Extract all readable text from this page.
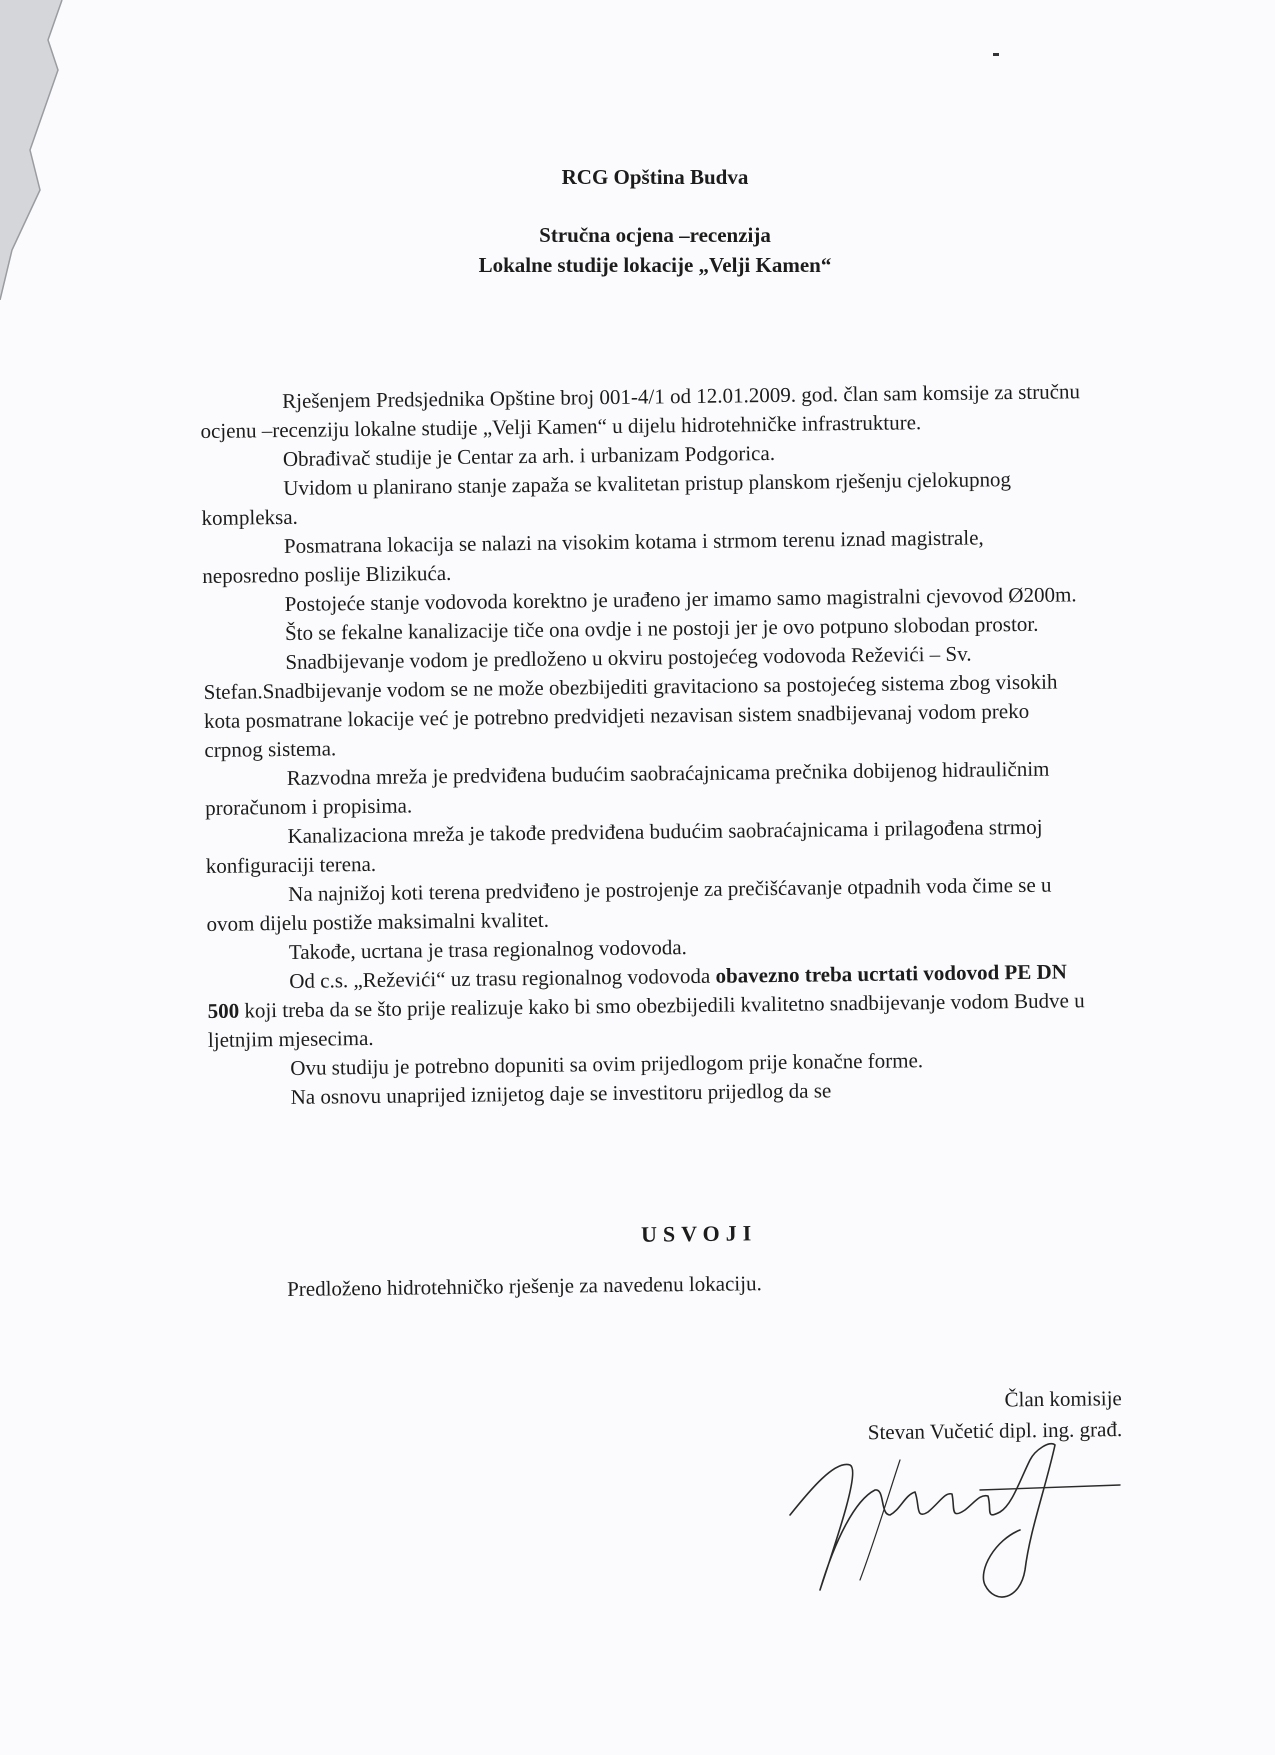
RCG Opština Budva
Stručna ocjena –recenzija
Lokalne studije lokacije „Velji Kamen“

Rješenjem Predsjednika Opštine broj 001-4/1 od 12.01.2009. god. član sam komsije za stručnu ocjenu –recenziju lokalne studije „Velji Kamen“ u dijelu hidrotehničke infrastrukture.

Obrađivač studije je Centar za arh. i urbanizam Podgorica.

Uvidom u planirano stanje zapaža se kvalitetan pristup planskom rješenju cjelokupnog kompleksa.

Posmatrana lokacija se nalazi na visokim kotama i strmom terenu iznad magistrale, neposredno poslije Blizikuća.

Postojeće stanje vodovoda korektno je urađeno jer imamo samo magistralni cjevovod Ø200m.

Što se fekalne kanalizacije tiče ona ovdje i ne postoji jer je ovo potpuno slobodan prostor.

Snadbijevanje vodom je predloženo u okviru postojećeg vodovoda Reževići – Sv. Stefan.Snadbijevanje vodom se ne može obezbijediti gravitaciono sa postojećeg sistema zbog visokih kota posmatrane lokacije već je potrebno predvidjeti nezavisan sistem snadbijevanaj vodom preko crpnog sistema.

Razvodna mreža je predviđena budućim saobraćajnicama prečnika dobijenog hidrauličnim proračunom i propisima.

Kanalizaciona mreža je takođe predviđena budućim saobraćajnicama i prilagođena strmoj konfiguraciji terena.

Na najnižoj koti terena predviđeno je postrojenje za prečišćavanje otpadnih voda čime se u ovom dijelu postiže maksimalni kvalitet.

Takođe, ucrtana je trasa regionalnog vodovoda.

Od c.s. „Reževići“ uz trasu regionalnog vodovoda obavezno treba ucrtati vodovod PE DN 500 koji treba da se što prije realizuje kako bi smo obezbijedili kvalitetno snadbijevanje vodom Budve u ljetnjim mjesecima.

Ovu studiju je potrebno dopuniti sa ovim prijedlogom prije konačne forme.

Na osnovu unaprijed iznijetog daje se investitoru prijedlog da se

USVOJI
Predloženo hidrotehničko rješenje za navedenu lokaciju.
Član komisije
Stevan Vučetić dipl. ing. građ.
